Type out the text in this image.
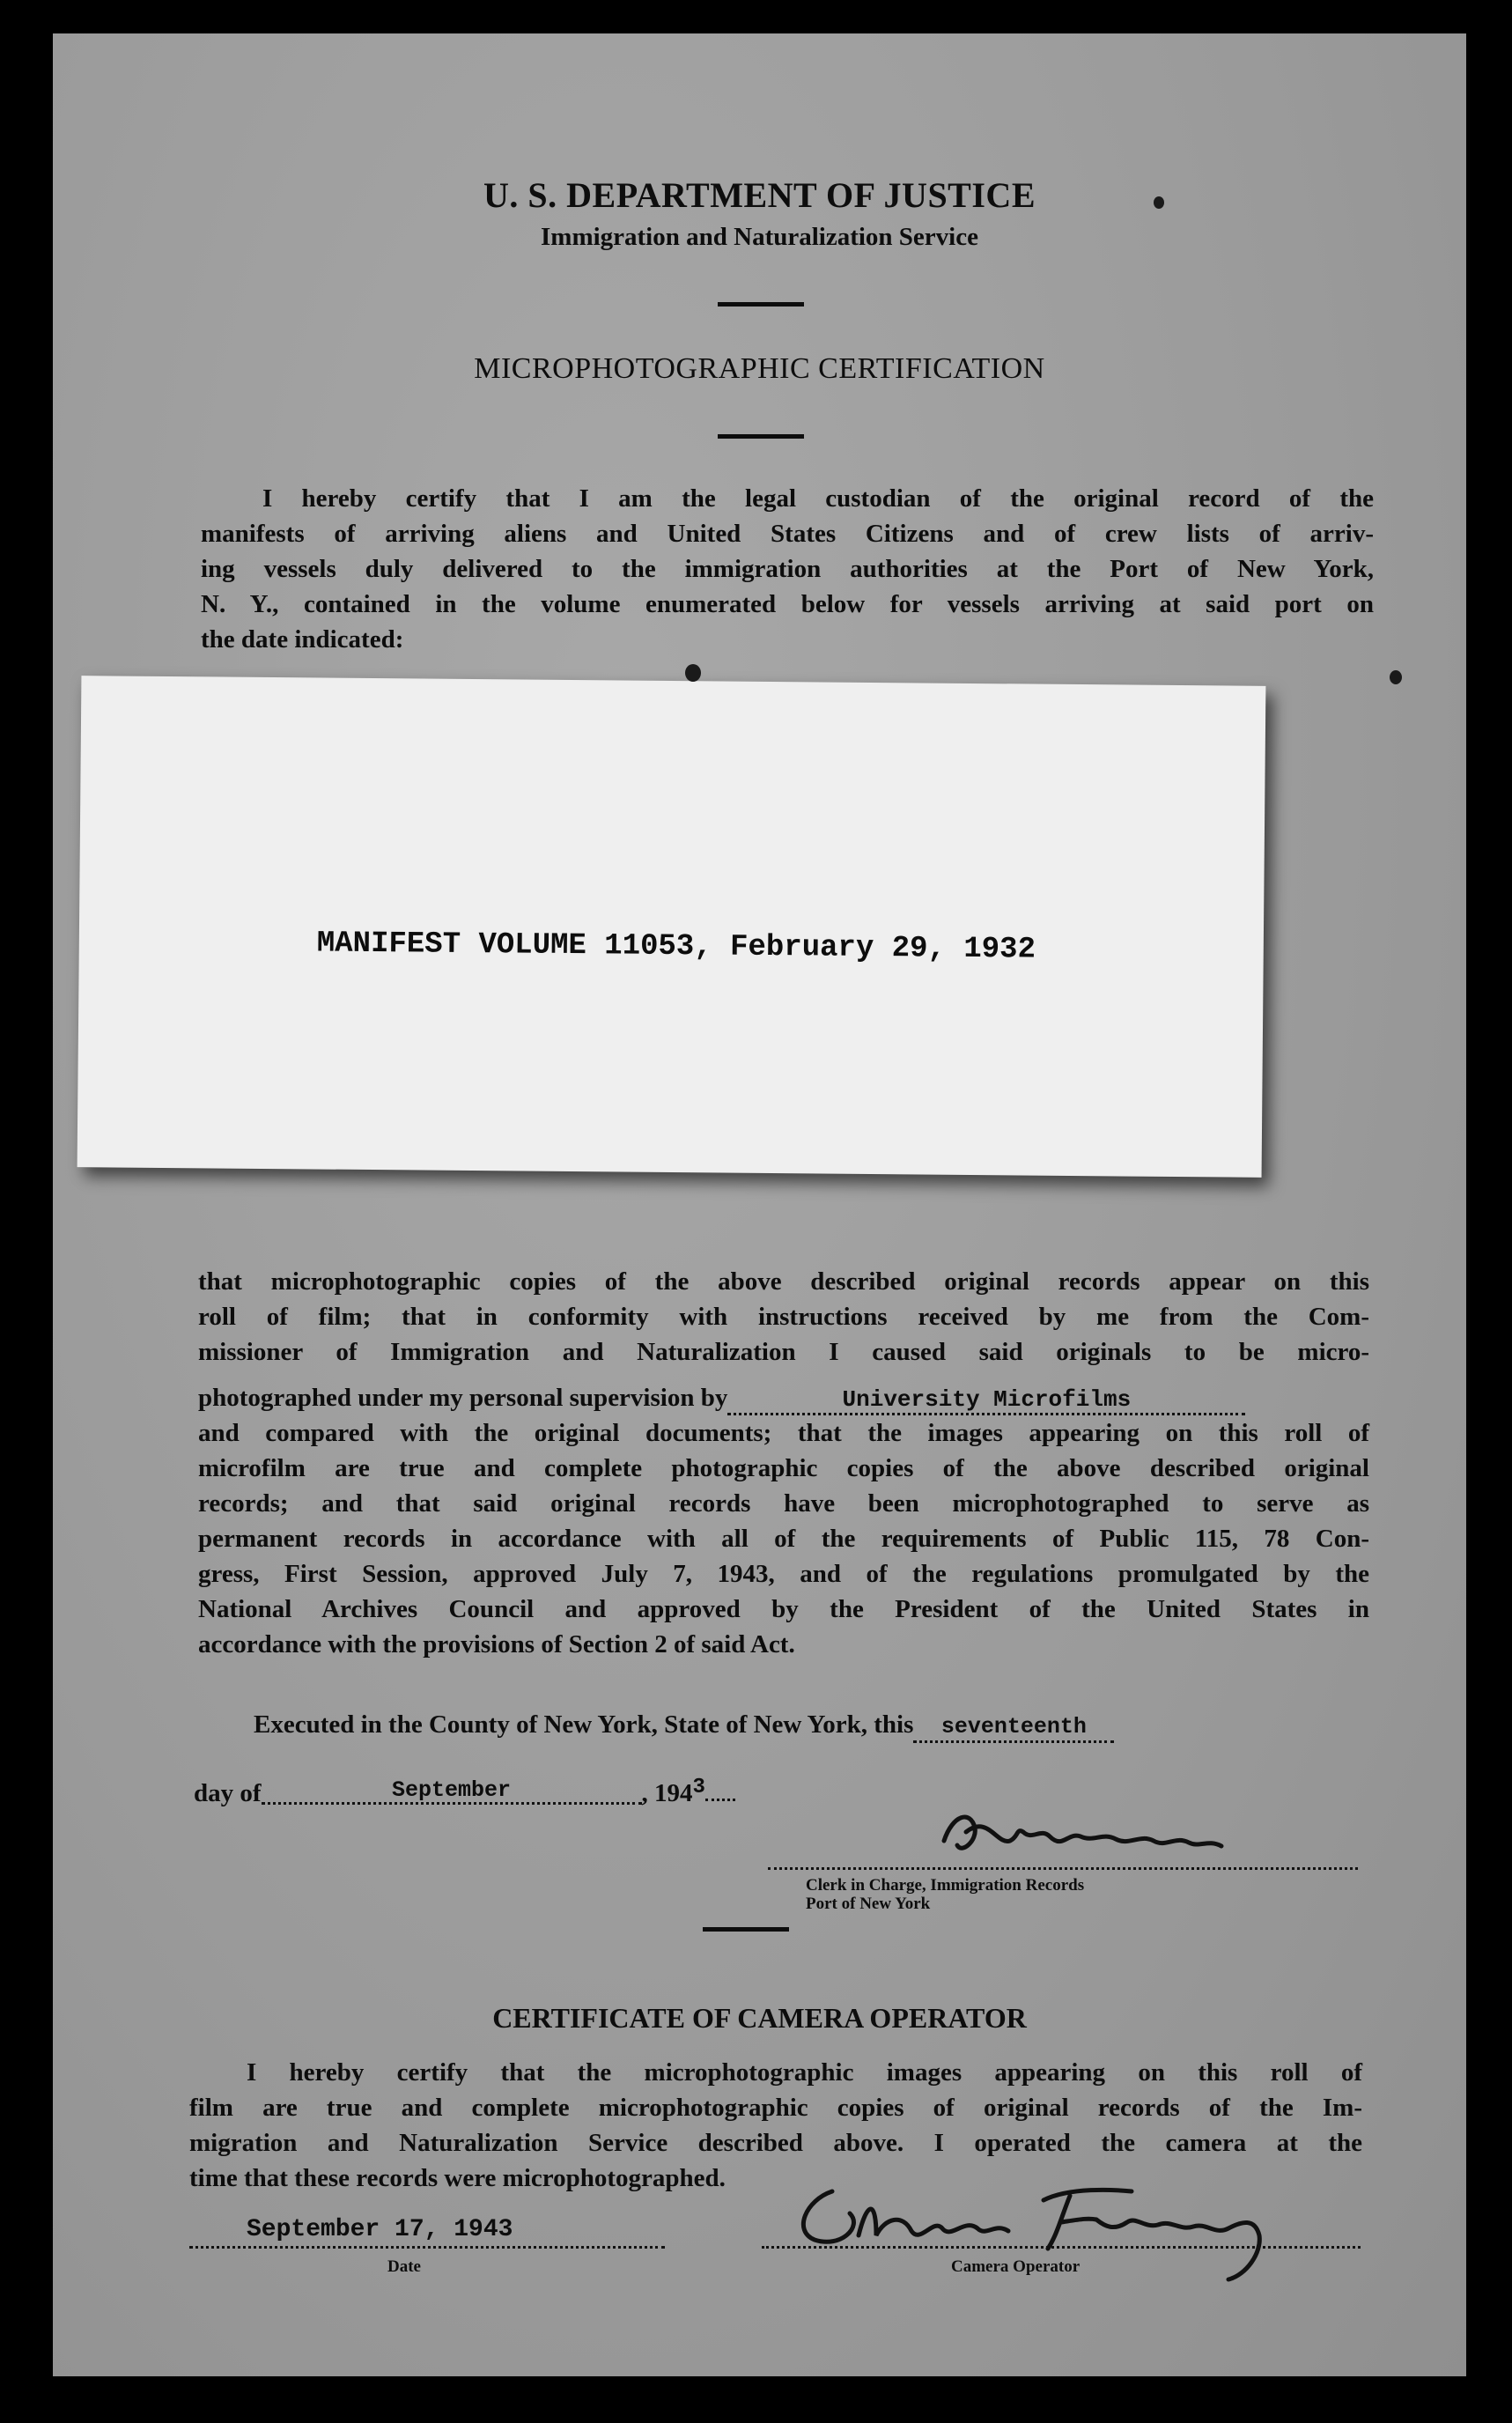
U. S. DEPARTMENT OF JUSTICE
Immigration and Naturalization Service
MICROPHOTOGRAPHIC CERTIFICATION
I hereby certify that I am the legal custodian of the original record of the
manifests of arriving aliens and United States Citizens and of crew lists of arriv-
ing vessels duly delivered to the immigration authorities at the Port of New York,
N. Y., contained in the volume enumerated below for vessels arriving at said port on
the date indicated:
MANIFEST VOLUME 11053, February 29, 1932
that microphotographic copies of the above described original records appear on this
roll of film; that in conformity with instructions received by me from the Com-
missioner of Immigration and Naturalization I caused said originals to be micro-
photographed under my personal supervision by	University Microfilms
and compared with the original documents; that the images appearing on this roll of
microfilm are true and complete photographic copies of the above described original
records; and that said original records have been microphotographed to serve as
permanent records in accordance with all of the requirements of Public 115, 78 Con-
gress, First Session, approved July 7, 1943, and of the regulations promulgated by the
National Archives Council and approved by the President of the United States in
accordance with the provisions of Section 2 of said Act.
Executed in the County of New York, State of New York, this seventeenth
day of	September	, $194^3$
Clerk in Charge, Immigration Records
Port of New York
CERTIFICATE OF CAMERA OPERATOR
I hereby certify that the microphotographic images appearing on this roll of
film are true and complete microphotographic copies of original records of the Im-
migration and Naturalization Service described above. I operated the camera at the
time that these records were microphotographed.
September 17, 1943
Date	Camera Operator
